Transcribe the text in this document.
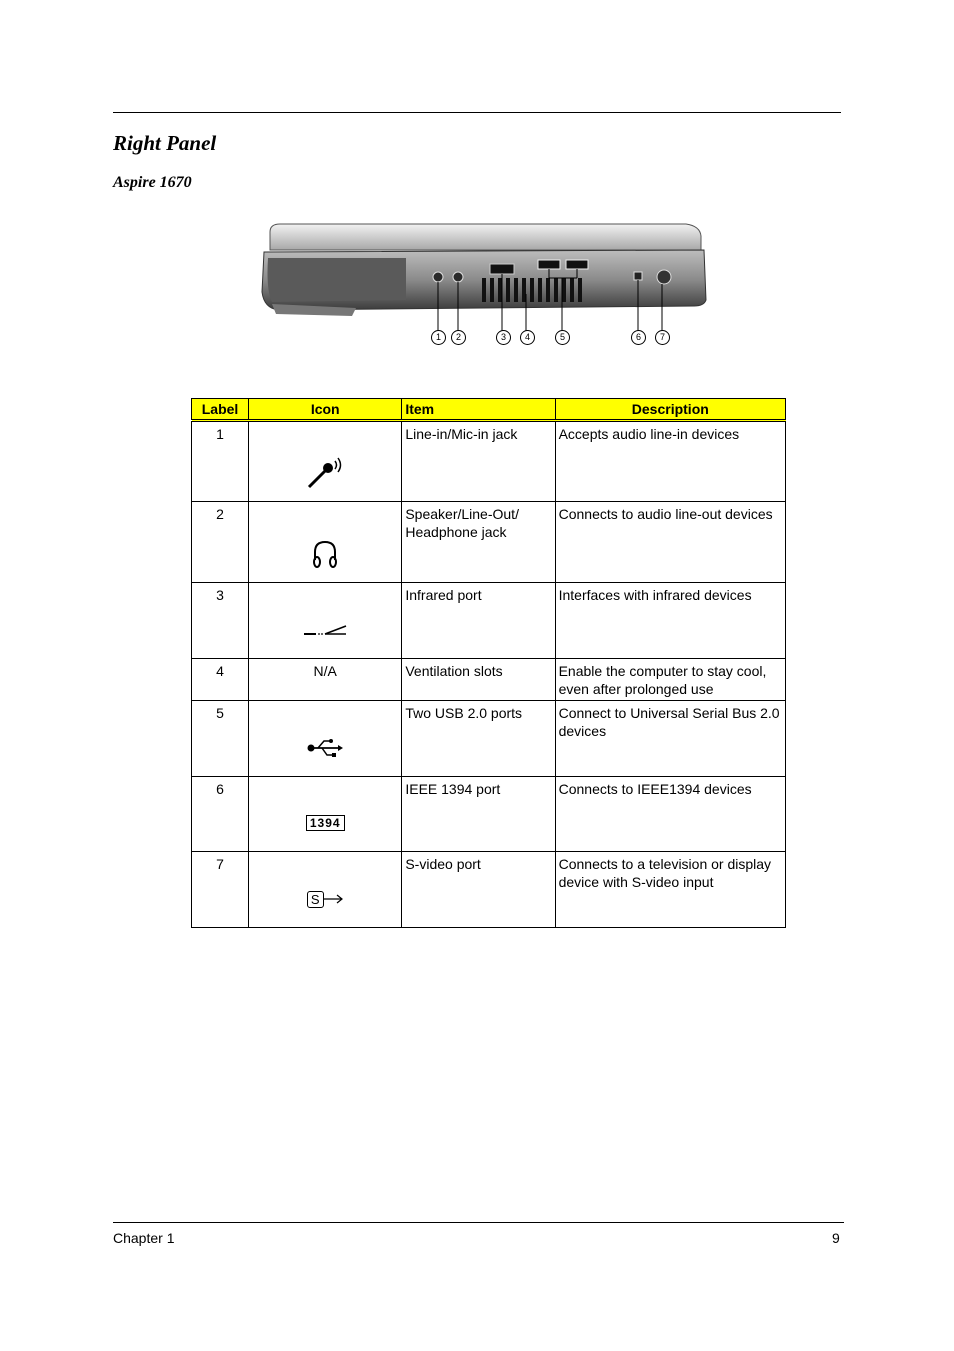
Right Panel
Aspire 1670
1	2	3	4	5	6	7
Label	Icon	Item	Description
1		Line-in/Mic-in jack	Accepts audio line-in devices
2		Speaker/Line-Out/ Headphone jack	Connects to audio line-out devices
3		Infrared port	Interfaces with infrared devices
4	N/A	Ventilation slots	Enable the computer to stay cool, even after prolonged use
5		Two USB 2.0 ports	Connect to Universal Serial Bus 2.0 devices
6	1394	IEEE 1394 port	Connects to IEEE1394 devices
7	S	S-video port	Connects to a television or display device with S-video input
Chapter 1	9
